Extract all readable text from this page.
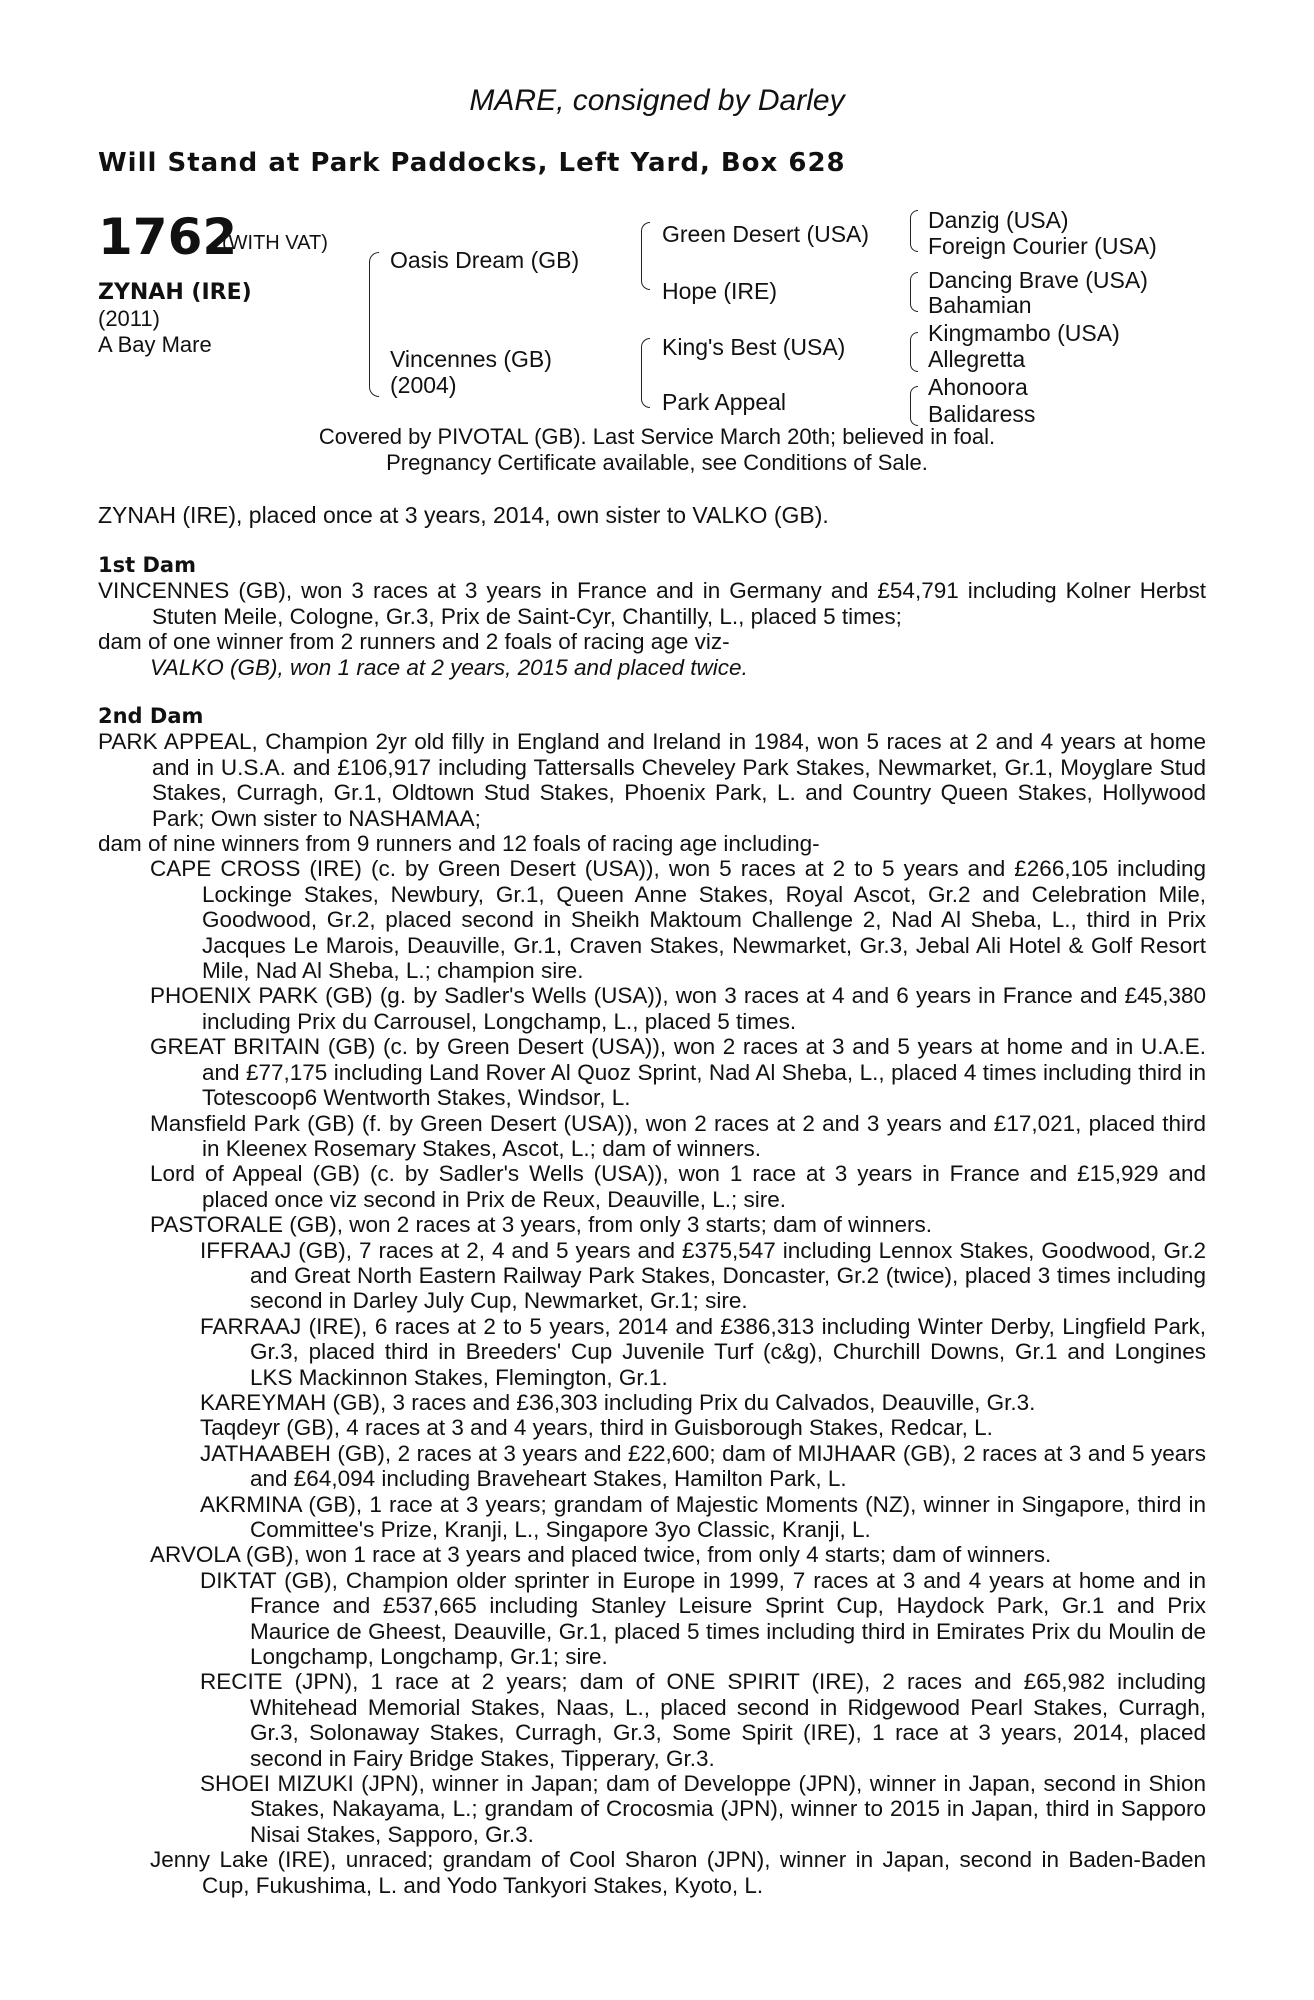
MARE, consigned by Darley
Will Stand at Park Paddocks, Left Yard, Box 628
1762
(WITH VAT)
ZYNAH (IRE)
(2011)
A Bay Mare
Oasis Dream (GB)
Vincennes (GB)
(2004)
Green Desert (USA)
Hope (IRE)
King's Best (USA)
Park Appeal
Danzig (USA)
Foreign Courier (USA)
Dancing Brave (USA)
Bahamian
Kingmambo (USA)
Allegretta
Ahonoora
Balidaress
Covered by PIVOTAL (GB). Last Service March 20th; believed in foal.
Pregnancy Certificate available, see Conditions of Sale.
ZYNAH (IRE), placed once at 3 years, 2014, own sister to VALKO (GB).
1st Dam

VINCENNES (GB), won 3 races at 3 years in France and in Germany and £54,791 including Kolner Herbst Stuten Meile, Cologne, Gr.3, Prix de Saint-Cyr, Chantilly, L., placed 5 times;

dam of one winner from 2 runners and 2 foals of racing age viz-

VALKO (GB), won 1 race at 2 years, 2015 and placed twice.

2nd Dam

PARK APPEAL, Champion 2yr old filly in England and Ireland in 1984, won 5 races at 2 and 4 years at home and in U.S.A. and £106,917 including Tattersalls Cheveley Park Stakes, Newmarket, Gr.1, Moyglare Stud Stakes, Curragh, Gr.1, Oldtown Stud Stakes, Phoenix Park, L. and Country Queen Stakes, Hollywood Park; Own sister to NASHAMAA;

dam of nine winners from 9 runners and 12 foals of racing age including-

CAPE CROSS (IRE) (c. by Green Desert (USA)), won 5 races at 2 to 5 years and £266,105 including Lockinge Stakes, Newbury, Gr.1, Queen Anne Stakes, Royal Ascot, Gr.2 and Celebration Mile, Goodwood, Gr.2, placed second in Sheikh Maktoum Challenge 2, Nad Al Sheba, L., third in Prix Jacques Le Marois, Deauville, Gr.1, Craven Stakes, Newmarket, Gr.3, Jebal Ali Hotel & Golf Resort Mile, Nad Al Sheba, L.; champion sire.

PHOENIX PARK (GB) (g. by Sadler's Wells (USA)), won 3 races at 4 and 6 years in France and £45,380 including Prix du Carrousel, Longchamp, L., placed 5 times.

GREAT BRITAIN (GB) (c. by Green Desert (USA)), won 2 races at 3 and 5 years at home and in U.A.E. and £77,175 including Land Rover Al Quoz Sprint, Nad Al Sheba, L., placed 4 times including third in Totescoop6 Wentworth Stakes, Windsor, L.

Mansfield Park (GB) (f. by Green Desert (USA)), won 2 races at 2 and 3 years and £17,021, placed third in Kleenex Rosemary Stakes, Ascot, L.; dam of winners.

Lord of Appeal (GB) (c. by Sadler's Wells (USA)), won 1 race at 3 years in France and £15,929 and placed once viz second in Prix de Reux, Deauville, L.; sire.

PASTORALE (GB), won 2 races at 3 years, from only 3 starts; dam of winners.

IFFRAAJ (GB), 7 races at 2, 4 and 5 years and £375,547 including Lennox Stakes, Goodwood, Gr.2 and Great North Eastern Railway Park Stakes, Doncaster, Gr.2 (twice), placed 3 times including second in Darley July Cup, Newmarket, Gr.1; sire.

FARRAAJ (IRE), 6 races at 2 to 5 years, 2014 and £386,313 including Winter Derby, Lingfield Park, Gr.3, placed third in Breeders' Cup Juvenile Turf (c&g), Churchill Downs, Gr.1 and Longines LKS Mackinnon Stakes, Flemington, Gr.1.

KAREYMAH (GB), 3 races and £36,303 including Prix du Calvados, Deauville, Gr.3.

Taqdeyr (GB), 4 races at 3 and 4 years, third in Guisborough Stakes, Redcar, L.

JATHAABEH (GB), 2 races at 3 years and £22,600; dam of MIJHAAR (GB), 2 races at 3 and 5 years and £64,094 including Braveheart Stakes, Hamilton Park, L.

AKRMINA (GB), 1 race at 3 years; grandam of Majestic Moments (NZ), winner in Singapore, third in Committee's Prize, Kranji, L., Singapore 3yo Classic, Kranji, L.

ARVOLA (GB), won 1 race at 3 years and placed twice, from only 4 starts; dam of winners.

DIKTAT (GB), Champion older sprinter in Europe in 1999, 7 races at 3 and 4 years at home and in France and £537,665 including Stanley Leisure Sprint Cup, Haydock Park, Gr.1 and Prix Maurice de Gheest, Deauville, Gr.1, placed 5 times including third in Emirates Prix du Moulin de Longchamp, Longchamp, Gr.1; sire.

RECITE (JPN), 1 race at 2 years; dam of ONE SPIRIT (IRE), 2 races and £65,982 including Whitehead Memorial Stakes, Naas, L., placed second in Ridgewood Pearl Stakes, Curragh, Gr.3, Solonaway Stakes, Curragh, Gr.3, Some Spirit (IRE), 1 race at 3 years, 2014, placed second in Fairy Bridge Stakes, Tipperary, Gr.3.

SHOEI MIZUKI (JPN), winner in Japan; dam of Developpe (JPN), winner in Japan, second in Shion Stakes, Nakayama, L.; grandam of Crocosmia (JPN), winner to 2015 in Japan, third in Sapporo Nisai Stakes, Sapporo, Gr.3.

Jenny Lake (IRE), unraced; grandam of Cool Sharon (JPN), winner in Japan, second in Baden-Baden Cup, Fukushima, L. and Yodo Tankyori Stakes, Kyoto, L.
